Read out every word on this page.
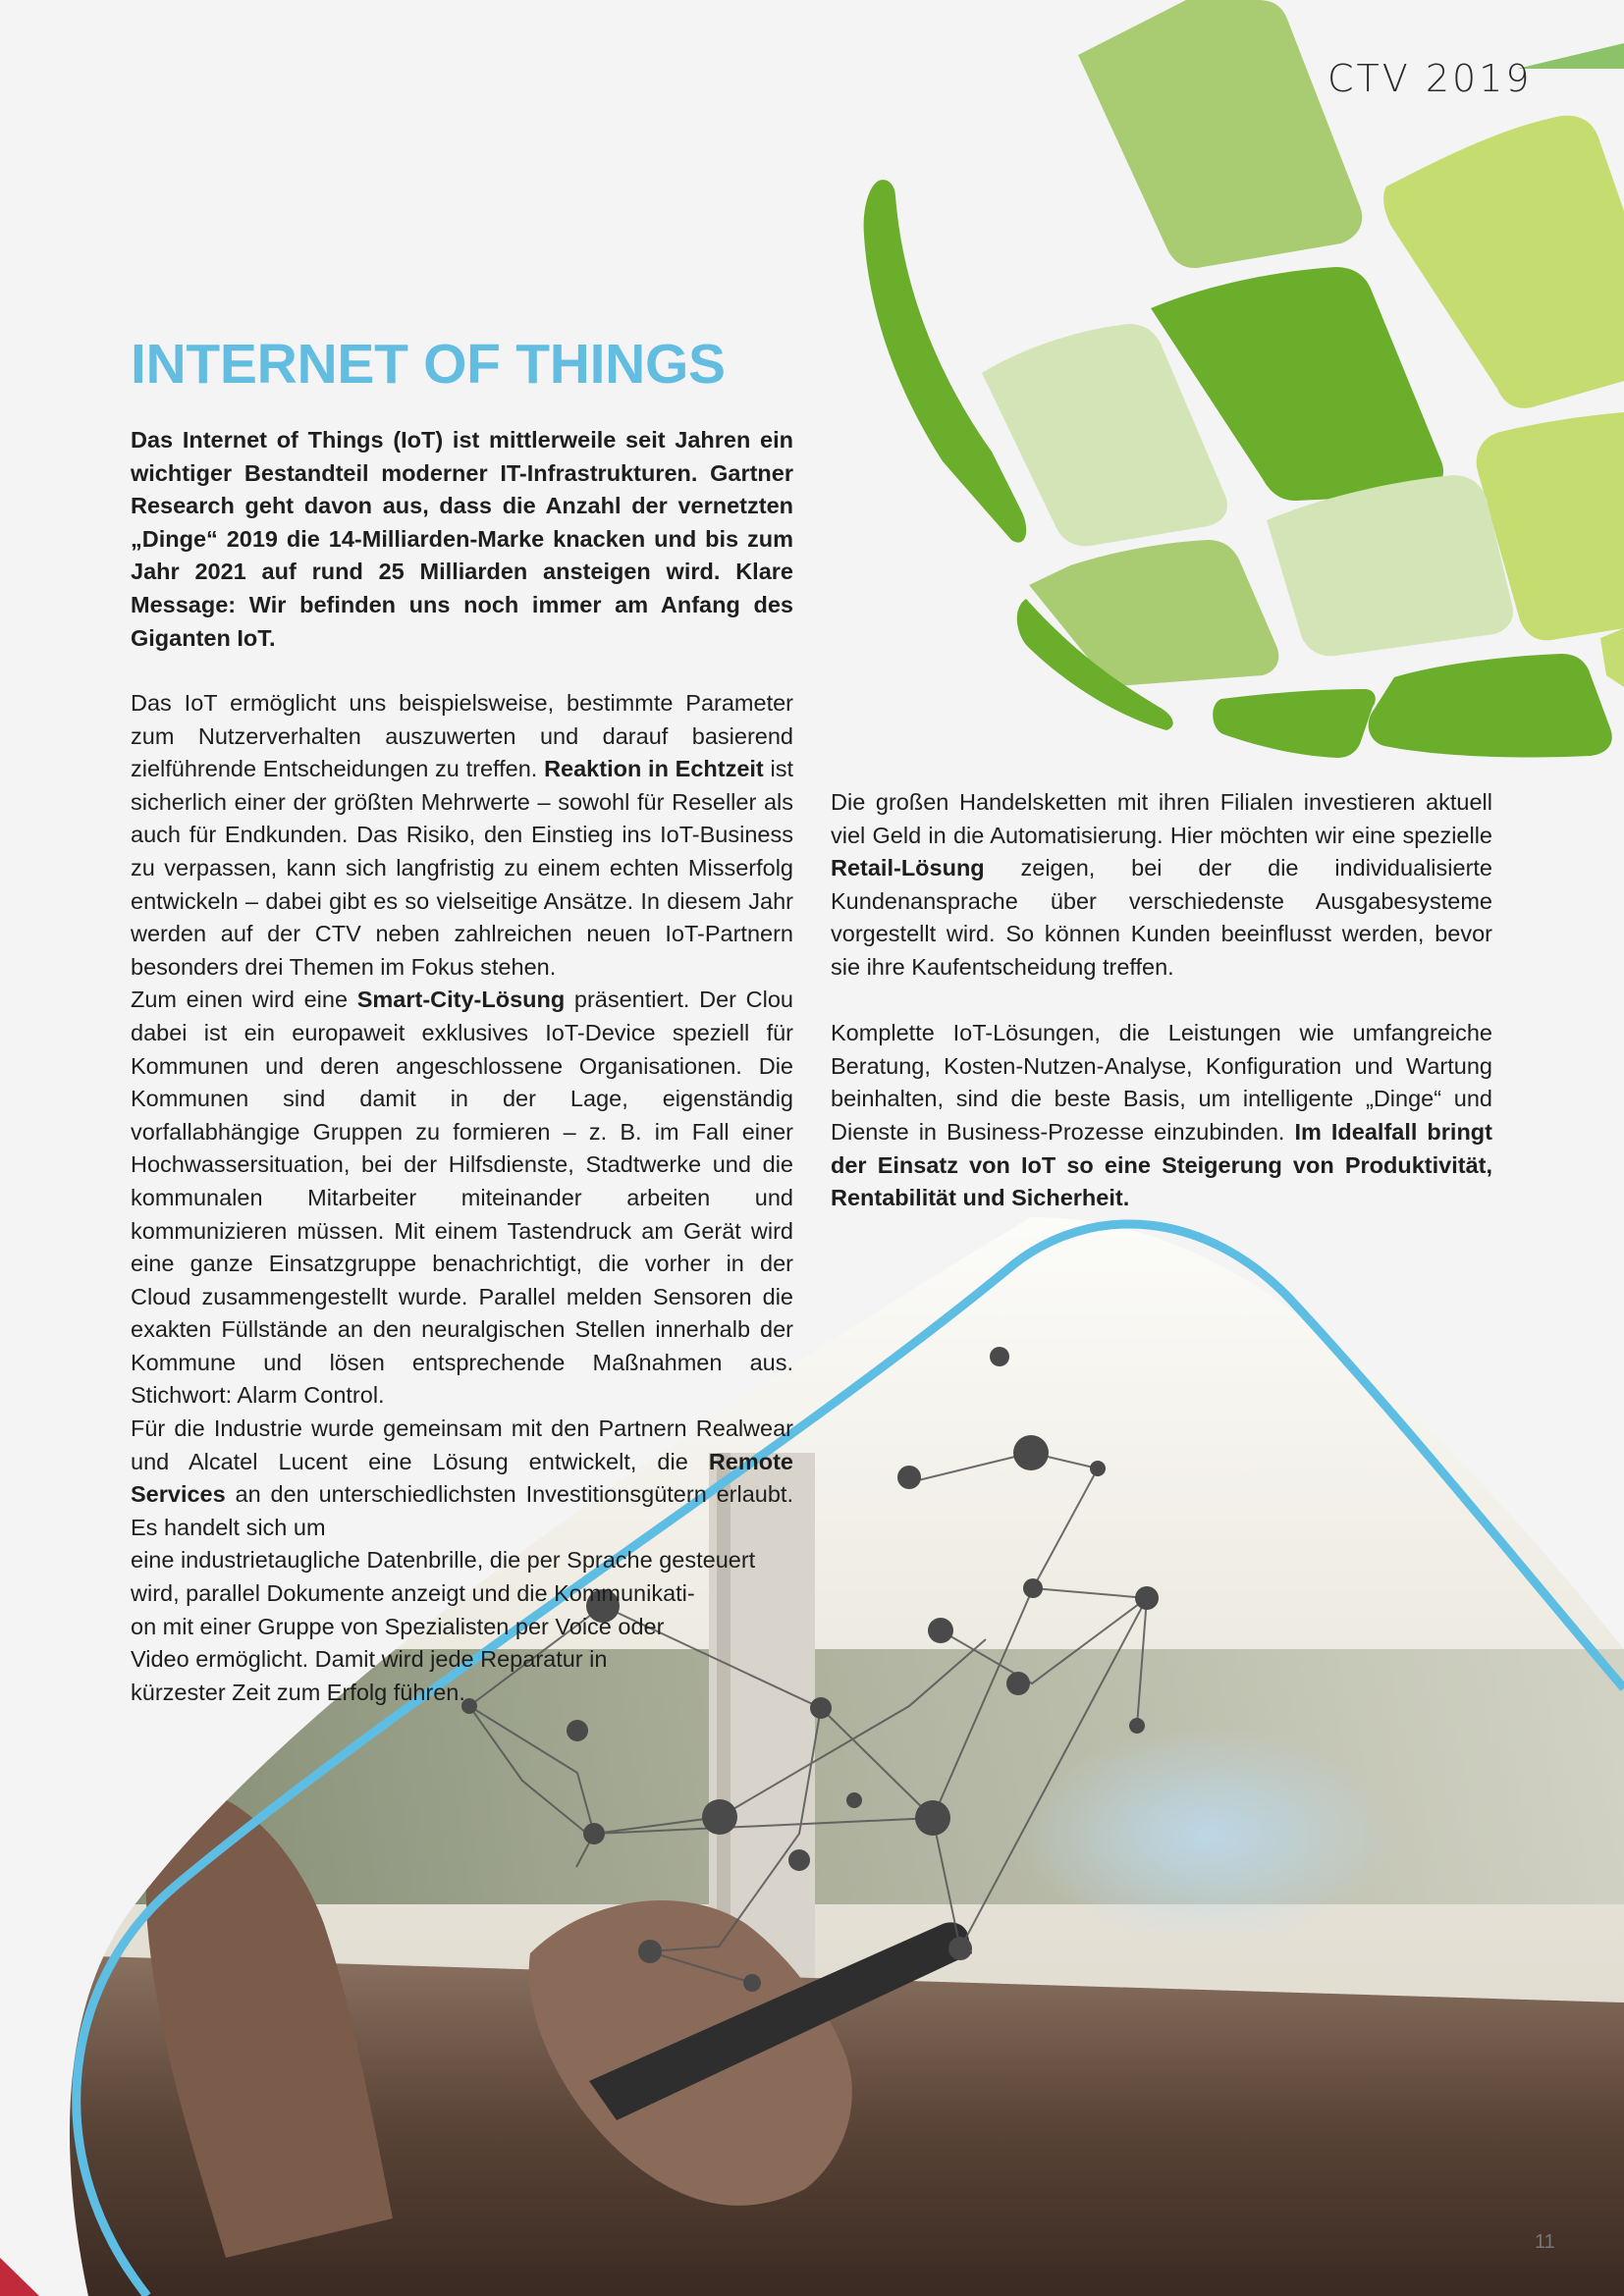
CTV 2019
INTERNET OF THINGS

Das Internet of Things (IoT) ist mittlerweile seit Jahren ein wichtiger Bestandteil moderner IT-Infrastrukturen. Gartner Research geht davon aus, dass die Anzahl der vernetzten „Dinge“ 2019 die 14-Milliarden-Marke knacken und bis zum Jahr 2021 auf rund 25 Milliarden ansteigen wird. Klare Message: Wir befinden uns noch immer am Anfang des Giganten IoT.

Das IoT ermöglicht uns beispielsweise, bestimmte Parameter zum Nutzerverhalten auszuwerten und darauf basierend zielführende Entscheidungen zu treffen. Reaktion in Echtzeit ist sicherlich einer der größten Mehrwerte – sowohl für Reseller als auch für Endkunden. Das Risiko, den Einstieg ins IoT-Business zu verpassen, kann sich langfristig zu einem echten Misserfolg entwickeln – dabei gibt es so vielseitige Ansätze. In diesem Jahr werden auf der CTV neben zahlreichen neuen IoT-Partnern besonders drei Themen im Fokus stehen.

Zum einen wird eine Smart-City-Lösung präsentiert. Der Clou dabei ist ein europaweit exklusives IoT-Device speziell für Kommunen und deren angeschlossene Organisationen. Die Kommunen sind damit in der Lage, eigenständig vorfallabhängige Gruppen zu formieren – z. B. im Fall einer Hochwassersituation, bei der Hilfsdienste, Stadtwerke und die kommunalen Mitarbeiter miteinander arbeiten und kommunizieren müssen. Mit einem Tastendruck am Gerät wird eine ganze Einsatzgruppe benachrichtigt, die vorher in der Cloud zusammengestellt wurde. Parallel melden Sensoren die exakten Füllstände an den neuralgischen Stellen innerhalb der Kommune und lösen entsprechende Maßnahmen aus. Stichwort: Alarm Control.

Für die Industrie wurde gemeinsam mit den Partnern Realwear und Alcatel Lucent eine Lösung entwickelt, die Remote Services an den unterschiedlichsten Investitionsgütern erlaubt. Es handelt sich um

eine industrietaugliche Datenbrille, die per Sprache gesteuert

wird, parallel Dokumente anzeigt und die Kommunikati-

on mit einer Gruppe von Spezialisten per Voice oder

Video ermöglicht. Damit wird jede Reparatur in

kürzester Zeit zum Erfolg führen.

Die großen Handelsketten mit ihren Filialen investieren aktuell viel Geld in die Automatisierung. Hier möchten wir eine spezielle Retail-Lösung zeigen, bei der die individualisierte Kundenansprache über verschiedenste Ausgabesysteme vorgestellt wird. So können Kunden beeinflusst werden, bevor sie ihre Kaufentscheidung treffen.

Komplette IoT-Lösungen, die Leistungen wie umfangreiche Beratung, Kosten-Nutzen-Analyse, Konfiguration und Wartung beinhalten, sind die beste Basis, um intelligente „Dinge“ und Dienste in Business-Prozesse einzubinden. Im Idealfall bringt der Einsatz von IoT so eine Steigerung von Produktivität, Rentabilität und Sicherheit.

11
